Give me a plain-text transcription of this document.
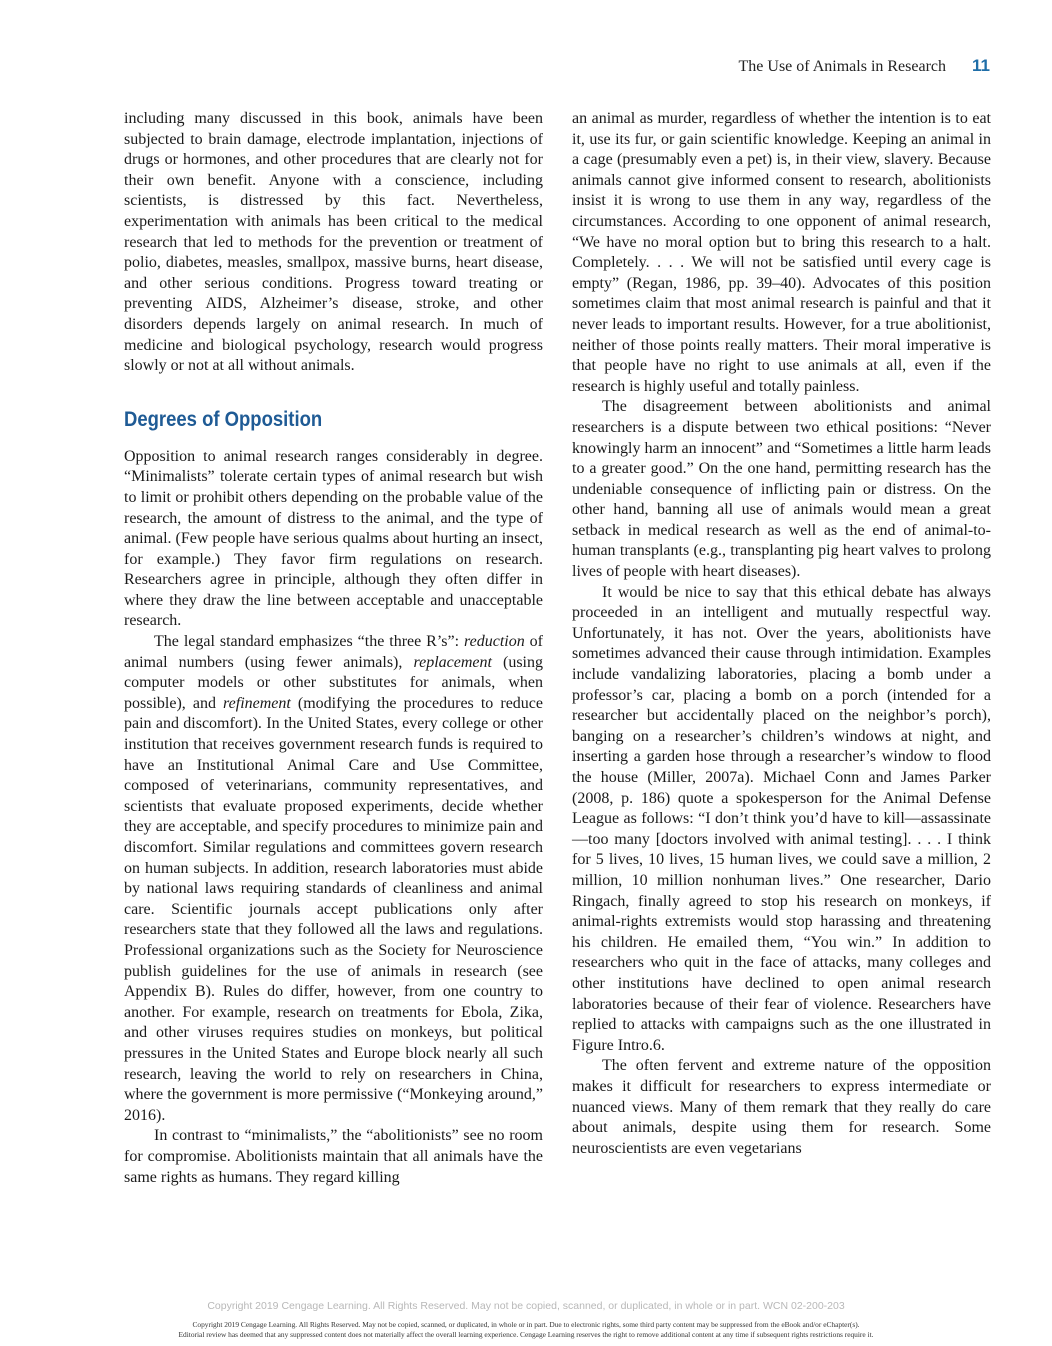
The Use of Animals in Research 11

including many discussed in this book, animals have been subjected to brain damage, electrode implantation, injections of drugs or hormones, and other procedures that are clearly not for their own benefit. Anyone with a conscience, including scientists, is distressed by this fact. Nevertheless, experimentation with animals has been critical to the medical research that led to methods for the prevention or treatment of polio, diabetes, measles, smallpox, massive burns, heart disease, and other serious conditions. Progress toward treating or preventing AIDS, Alzheimer’s disease, stroke, and other disorders depends largely on animal research. In much of medicine and biological psychology, research would progress slowly or not at all without animals.

Degrees of Opposition

Opposition to animal research ranges considerably in degree. “Minimalists” tolerate certain types of animal research but wish to limit or prohibit others depending on the probable value of the research, the amount of distress to the animal, and the type of animal. (Few people have serious qualms about hurting an insect, for example.) They favor firm regulations on research. Researchers agree in principle, although they often differ in where they draw the line between acceptable and unacceptable research.

The legal standard emphasizes “the three R’s”: reduction of animal numbers (using fewer animals), replacement (using computer models or other substitutes for animals, when possible), and refinement (modifying the procedures to reduce pain and discomfort). In the United States, every college or other institution that receives government research funds is required to have an Institutional Animal Care and Use Committee, composed of veterinarians, community representatives, and scientists that evaluate proposed experiments, decide whether they are acceptable, and specify procedures to minimize pain and discomfort. Similar regulations and committees govern research on human subjects. In addition, research laboratories must abide by national laws requiring standards of cleanliness and animal care. Scientific journals accept publications only after researchers state that they followed all the laws and regulations. Professional organizations such as the Society for Neuroscience publish guidelines for the use of animals in research (see Appendix B). Rules do differ, however, from one country to another. For example, research on treatments for Ebola, Zika, and other viruses requires studies on monkeys, but political pressures in the United States and Europe block nearly all such research, leaving the world to rely on researchers in China, where the government is more permissive (“Monkeying around,” 2016).

In contrast to “minimalists,” the “abolitionists” see no room for compromise. Abolitionists maintain that all animals have the same rights as humans. They regard killing

an animal as murder, regardless of whether the intention is to eat it, use its fur, or gain scientific knowledge. Keeping an animal in a cage (presumably even a pet) is, in their view, slavery. Because animals cannot give informed consent to research, abolitionists insist it is wrong to use them in any way, regardless of the circumstances. According to one opponent of animal research, “We have no moral option but to bring this research to a halt. Completely. . . . We will not be satisfied until every cage is empty” (Regan, 1986, pp. 39–40). Advocates of this position sometimes claim that most animal research is painful and that it never leads to important results. However, for a true abolitionist, neither of those points really matters. Their moral imperative is that people have no right to use animals at all, even if the research is highly useful and totally painless.

The disagreement between abolitionists and animal researchers is a dispute between two ethical positions: “Never knowingly harm an innocent” and “Sometimes a little harm leads to a greater good.” On the one hand, permitting research has the undeniable consequence of inflicting pain or distress. On the other hand, banning all use of animals would mean a great setback in medical research as well as the end of animal-to-human transplants (e.g., transplanting pig heart valves to prolong lives of people with heart diseases).

It would be nice to say that this ethical debate has always proceeded in an intelligent and mutually respectful way. Unfortunately, it has not. Over the years, abolitionists have sometimes advanced their cause through intimidation. Examples include vandalizing laboratories, placing a bomb under a professor’s car, placing a bomb on a porch (intended for a researcher but accidentally placed on the neighbor’s porch), banging on a researcher’s children’s windows at night, and inserting a garden hose through a researcher’s window to flood the house (Miller, 2007a). Michael Conn and James Parker (2008, p. 186) quote a spokesperson for the Animal Defense League as follows: “I don’t think you’d have to kill—assassinate—too many [doctors involved with animal testing]. . . . I think for 5 lives, 10 lives, 15 human lives, we could save a million, 2 million, 10 million nonhuman lives.” One researcher, Dario Ringach, finally agreed to stop his research on monkeys, if animal-rights extremists would stop harassing and threatening his children. He emailed them, “You win.” In addition to researchers who quit in the face of attacks, many colleges and other institutions have declined to open animal research laboratories because of their fear of violence. Researchers have replied to attacks with campaigns such as the one illustrated in Figure Intro.6.

The often fervent and extreme nature of the opposition makes it difficult for researchers to express intermediate or nuanced views. Many of them remark that they really do care about animals, despite using them for research. Some neuroscientists are even vegetarians

Copyright 2019 Cengage Learning. All Rights Reserved. May not be copied, scanned, or duplicated, in whole or in part. WCN 02-200-203
Copyright 2019 Cengage Learning. All Rights Reserved. May not be copied, scanned, or duplicated, in whole or in part. Due to electronic rights, some third party content may be suppressed from the eBook and/or eChapter(s).
Editorial review has deemed that any suppressed content does not materially affect the overall learning experience. Cengage Learning reserves the right to remove additional content at any time if subsequent rights restrictions require it.
